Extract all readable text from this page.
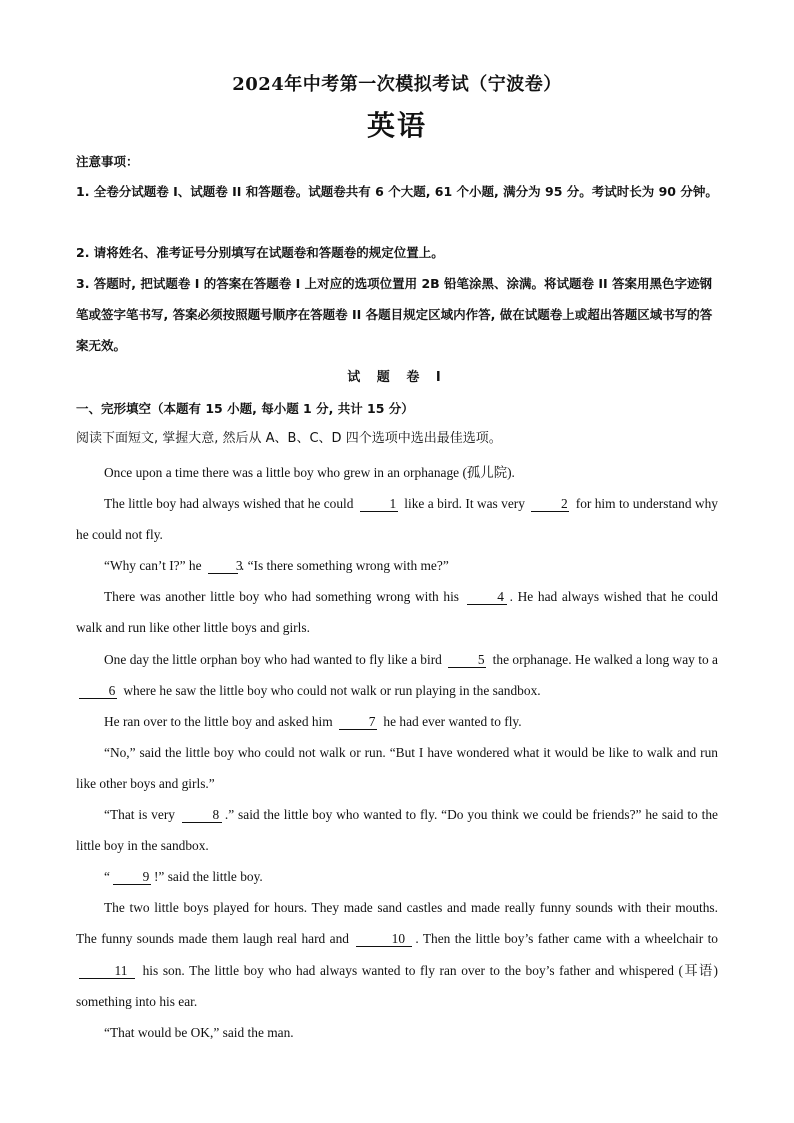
2024年中考第一次模拟考试（宁波卷）
英语
注意事项：

1. 全卷分试题卷 I、试题卷 II 和答题卷。试题卷共有 6 个大题, 61 个小题, 满分为 95 分。考试时长为 90 分钟。

2. 请将姓名、准考证号分别填写在试题卷和答题卷的规定位置上。

3. 答题时, 把试题卷 I 的答案在答题卷 I 上对应的选项位置用 2B 铅笔涂黑、涂满。将试题卷 II 答案用黑色字迹钢笔或签字笔书写, 答案必须按照题号顺序在答题卷 II 各题目规定区域内作答, 做在试题卷上或超出答题区域书写的答案无效。

试 题 卷 I
一、完形填空（本题有 15 小题, 每小题 1 分, 共计 15 分）
阅读下面短文, 掌握大意, 然后从 A、B、C、D 四个选项中选出最佳选项。

Once upon a time there was a little boy who grew in an orphanage (孤儿院).

The little boy had always wished that he could	1 like a bird. It was very	2 for him to understand why he could not fly.

“Why can’t I?” he	3. “Is there something wrong with me?”

There was another little boy who had something wrong with his	4 . He had always wished that he could walk and run like other little boys and girls.

One day the little orphan boy who had wanted to fly like a bird	5 the orphanage. He walked a long way to a 6 where he saw the little boy who could not walk or run playing in the sandbox.

He ran over to the little boy and asked him	7 he had ever wanted to fly.

“No,” said the little boy who could not walk or run. “But I have wondered what it would be like to walk and run like other boys and girls.”

“That is very	8 .” said the little boy who wanted to fly. “Do you think we could be friends?” he said to the little boy in the sandbox.

“ 9 !” said the little boy.

The two little boys played for hours. They made sand castles and made really funny sounds with their mouths. The funny sounds made them laugh real hard and	10 . Then the little boy’s father came with a wheelchair to 11 his son. The little boy who had always wanted to fly ran over to the boy’s father and whispered (耳语) something into his ear.

“That would be OK,” said the man.
